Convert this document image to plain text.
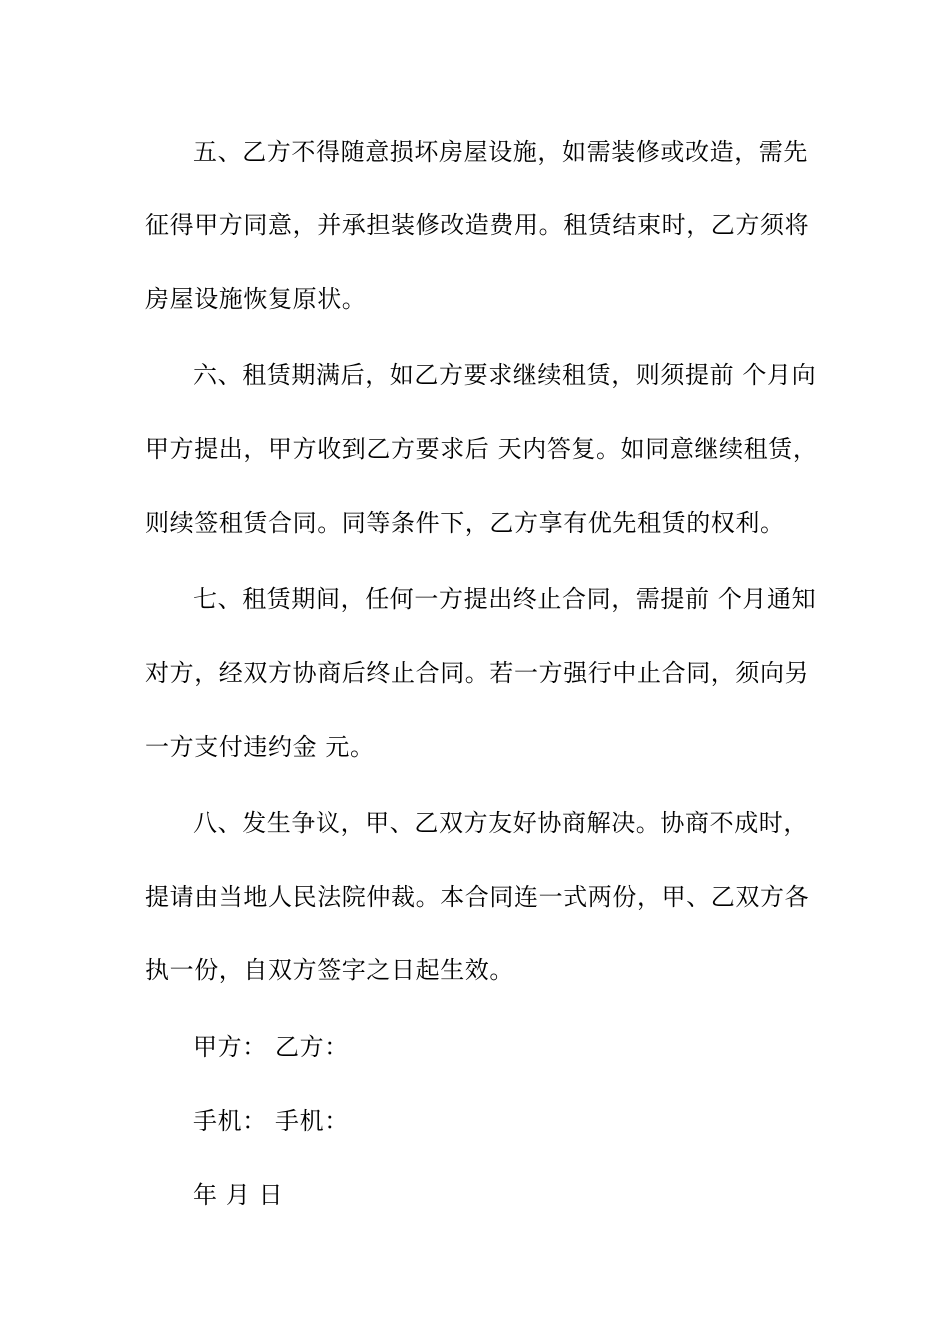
五、乙方不得随意损坏房屋设施，如需装修或改造，需先
征得甲方同意，并承担装修改造费用。租赁结束时，乙方须将
房屋设施恢复原状。
六、租赁期满后，如乙方要求继续租赁，则须提前 个月向
甲方提出，甲方收到乙方要求后 天内答复。如同意继续租赁，
则续签租赁合同。同等条件下，乙方享有优先租赁的权利。
七、租赁期间，任何一方提出终止合同，需提前 个月通知
对方，经双方协商后终止合同。若一方强行中止合同，须向另
一方支付违约金 元。
八、发生争议，甲、乙双方友好协商解决。协商不成时，
提请由当地人民法院仲裁。本合同连一式两份，甲、乙双方各
执一份，自双方签字之日起生效。
甲方： 乙方：
手机： 手机：
年 月 日
